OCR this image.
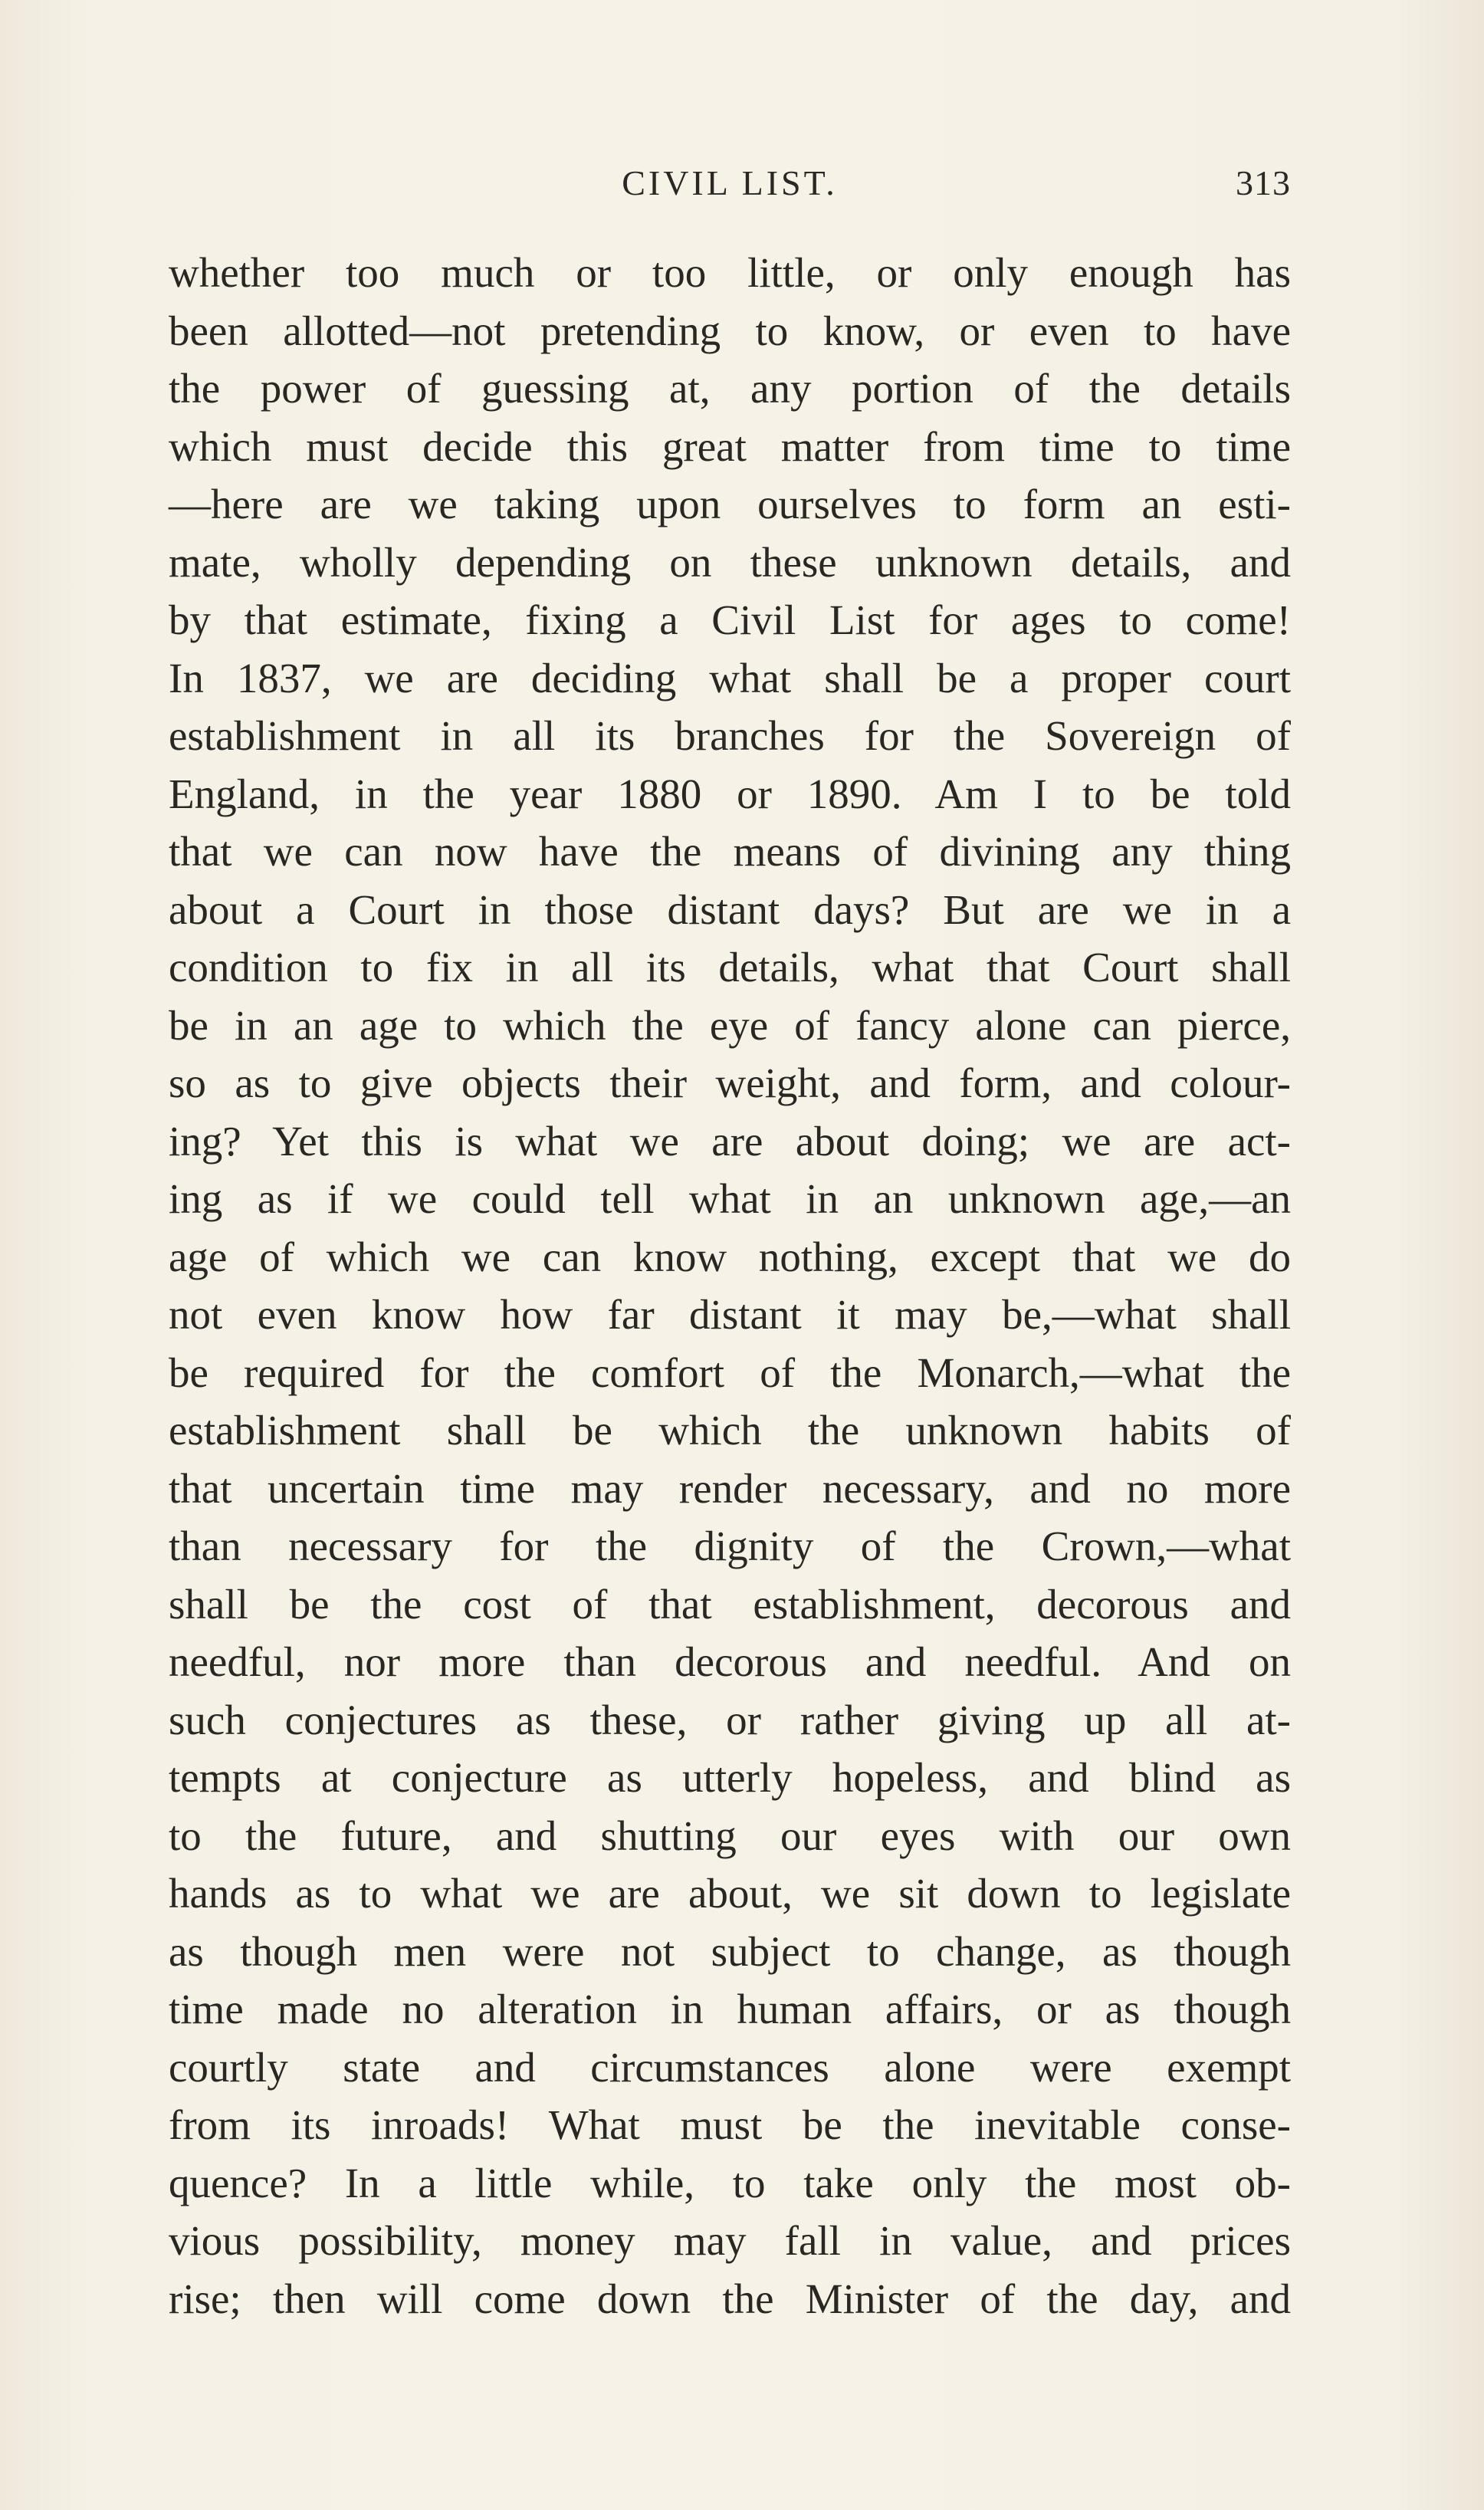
CIVIL LIST.	313
whether too much or too little, or only enough has
been allotted—not pretending to know, or even to have
the power of guessing at, any portion of the details
which must decide this great matter from time to time
—here are we taking upon ourselves to form an esti-
mate, wholly depending on these unknown details, and
by that estimate, fixing a Civil List for ages to come!
In 1837, we are deciding what shall be a proper court
establishment in all its branches for the Sovereign of
England, in the year 1880 or 1890. Am I to be told
that we can now have the means of divining any thing
about a Court in those distant days? But are we in a
condition to fix in all its details, what that Court shall
be in an age to which the eye of fancy alone can pierce,
so as to give objects their weight, and form, and colour-
ing? Yet this is what we are about doing; we are act-
ing as if we could tell what in an unknown age,—an
age of which we can know nothing, except that we do
not even know how far distant it may be,—what shall
be required for the comfort of the Monarch,—what the
establishment shall be which the unknown habits of
that uncertain time may render necessary, and no more
than necessary for the dignity of the Crown,—what
shall be the cost of that establishment, decorous and
needful, nor more than decorous and needful. And on
such conjectures as these, or rather giving up all at-
tempts at conjecture as utterly hopeless, and blind as
to the future, and shutting our eyes with our own
hands as to what we are about, we sit down to legislate
as though men were not subject to change, as though
time made no alteration in human affairs, or as though
courtly state and circumstances alone were exempt
from its inroads! What must be the inevitable conse-
quence? In a little while, to take only the most ob-
vious possibility, money may fall in value, and prices
rise; then will come down the Minister of the day, and
